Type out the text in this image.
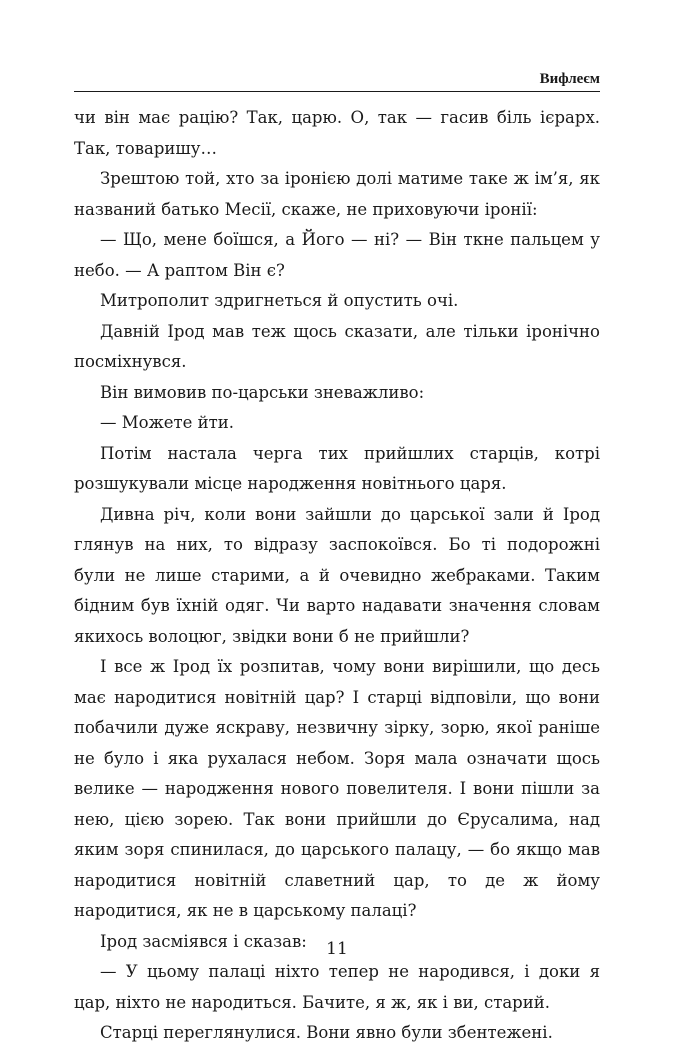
Вифлеєм

чи він має рацію? Так, царю. О, так — гасив біль ієрарх. Так, товаришу…

Зрештою той, хто за іронією долі матиме таке ж ім’я, як названий батько Месії, скаже, не приховуючи іронії:

— Що, мене боїшся, а Його — ні? — Він ткне пальцем у небо. — А раптом Він є?

Митрополит здригнеться й опустить очі.

Давній Ірод мав теж щось сказати, але тільки іронічно посміхнувся.

Він вимовив по-царськи зневажливо:

— Можете йти.

Потім настала черга тих прийшлих старців, котрі розшукували місце народження новітнього царя.

Дивна річ, коли вони зайшли до царської зали й Ірод глянув на них, то відразу заспокоївся. Бо ті подорожні були не лише старими, а й очевидно жебраками. Таким бідним був їхній одяг. Чи варто надавати значення словам якихось волоцюг, звідки вони б не прийшли?

І все ж Ірод їх розпитав, чому вони вирішили, що десь має народитися новітній цар? І старці відповіли, що вони побачили дуже яскраву, незвичну зірку, зорю, якої раніше не було і яка рухалася небом. Зоря мала означати щось велике — народження нового повелителя. І вони пішли за нею, цією зорею. Так вони прийшли до Єрусалима, над яким зоря спинилася, до царського палацу, — бо якщо мав народитися новітній славетний цар, то де ж йому народитися, як не в царському палаці?

Ірод засміявся і сказав:

— У цьому палаці ніхто тепер не народився, і доки я цар, ніхто не народиться. Бачите, я ж, як і ви, старий.

Старці переглянулися. Вони явно були збентежені.

11
